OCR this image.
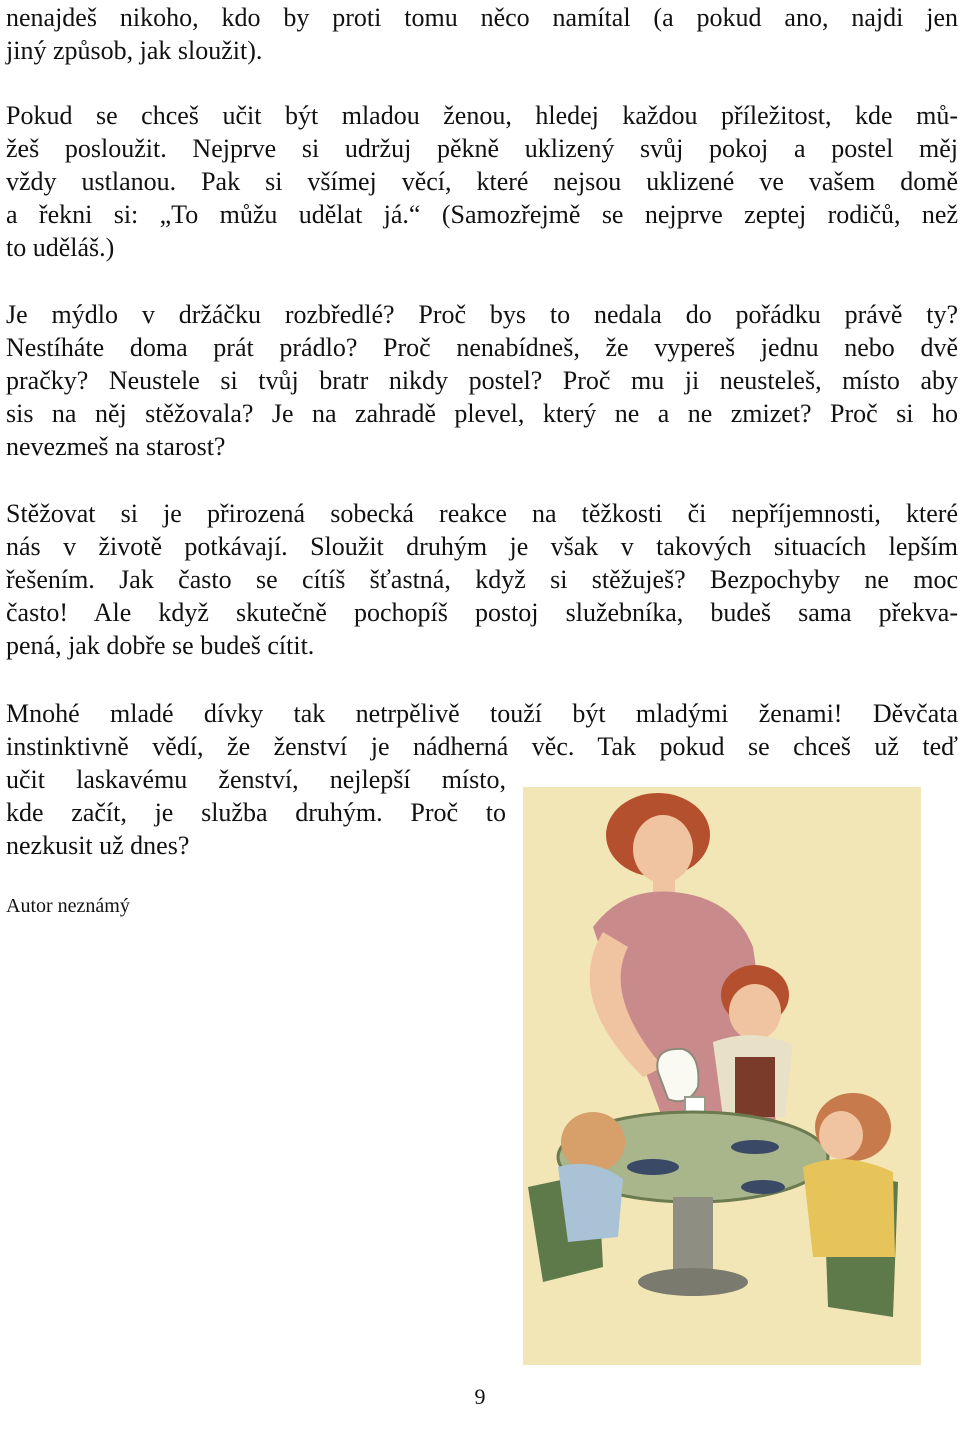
nenajdeš nikoho, kdo by proti tomu něco namítal (a pokud ano, najdi jen
jiný způsob, jak sloužit).

Pokud se chceš učit být mladou ženou, hledej každou příležitost, kde mů-
žeš posloužit. Nejprve si udržuj pěkně uklizený svůj pokoj a postel měj
vždy ustlanou. Pak si všímej věcí, které nejsou uklizené ve vašem domě
a řekni si: „To můžu udělat já.“ (Samozřejmě se nejprve zeptej rodičů, než
to uděláš.)

Je mýdlo v držáčku rozbředlé? Proč bys to nedala do pořádku právě ty?
Nestíháte doma prát prádlo? Proč nenabídneš, že vypereš jednu nebo dvě
pračky? Neustele si tvůj bratr nikdy postel? Proč mu ji neusteleš, místo aby
sis na něj stěžovala? Je na zahradě plevel, který ne a ne zmizet? Proč si ho
nevezmeš na starost?

Stěžovat si je přirozená sobecká reakce na těžkosti či nepříjemnosti, které
nás v životě potkávají. Sloužit druhým je však v takových situacích lepším
řešením. Jak často se cítíš šťastná, když si stěžuješ? Bezpochyby ne moc
často! Ale když skutečně pochopíš postoj služebníka, budeš sama překva-
pená, jak dobře se budeš cítit.

Mnohé mladé dívky tak netrpělivě touží být mladými ženami! Děvčata
instinktivně vědí, že ženství je nádherná věc. Tak pokud se chceš už teď

učit laskavému ženství, nejlepší místo,
kde začít, je služba druhým. Proč to
nezkusit už dnes?

Autor neznámý
9
